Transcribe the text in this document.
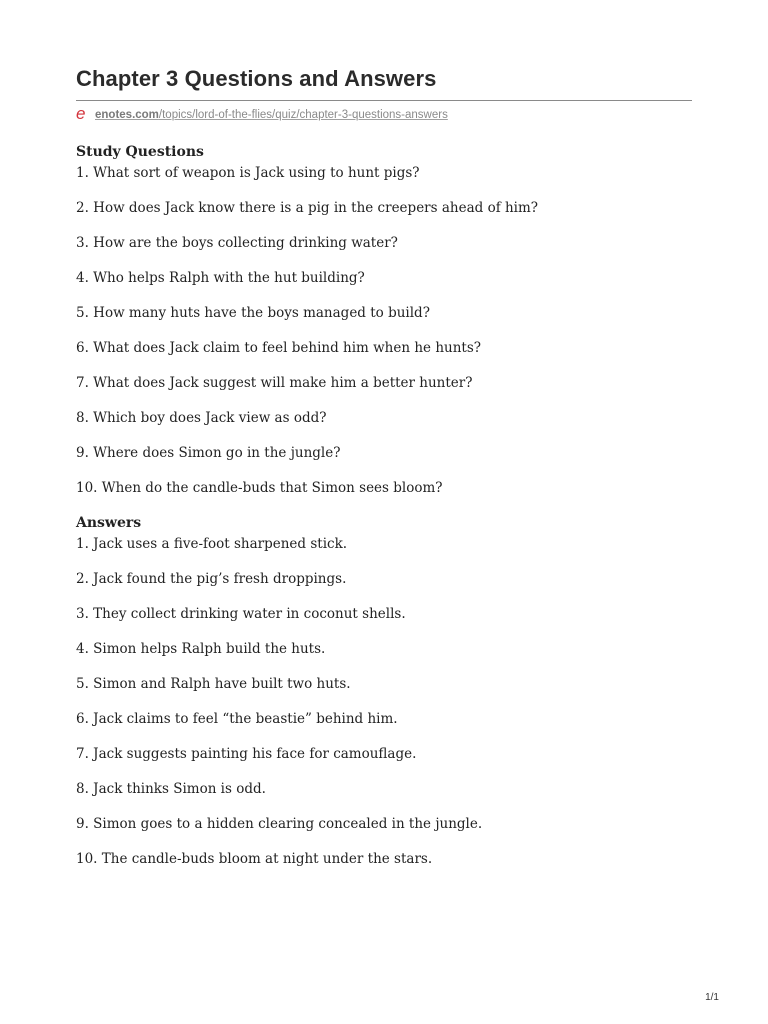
Chapter 3 Questions and Answers
e enotes.com/topics/lord-of-the-flies/quiz/chapter-3-questions-answers
Study Questions
1. What sort of weapon is Jack using to hunt pigs?
2. How does Jack know there is a pig in the creepers ahead of him?
3. How are the boys collecting drinking water?
4. Who helps Ralph with the hut building?
5. How many huts have the boys managed to build?
6. What does Jack claim to feel behind him when he hunts?
7. What does Jack suggest will make him a better hunter?
8. Which boy does Jack view as odd?
9. Where does Simon go in the jungle?
10. When do the candle-buds that Simon sees bloom?
Answers
1. Jack uses a five-foot sharpened stick.
2. Jack found the pig’s fresh droppings.
3. They collect drinking water in coconut shells.
4. Simon helps Ralph build the huts.
5. Simon and Ralph have built two huts.
6. Jack claims to feel “the beastie” behind him.
7. Jack suggests painting his face for camouflage.
8. Jack thinks Simon is odd.
9. Simon goes to a hidden clearing concealed in the jungle.
10. The candle-buds bloom at night under the stars.
1/1
